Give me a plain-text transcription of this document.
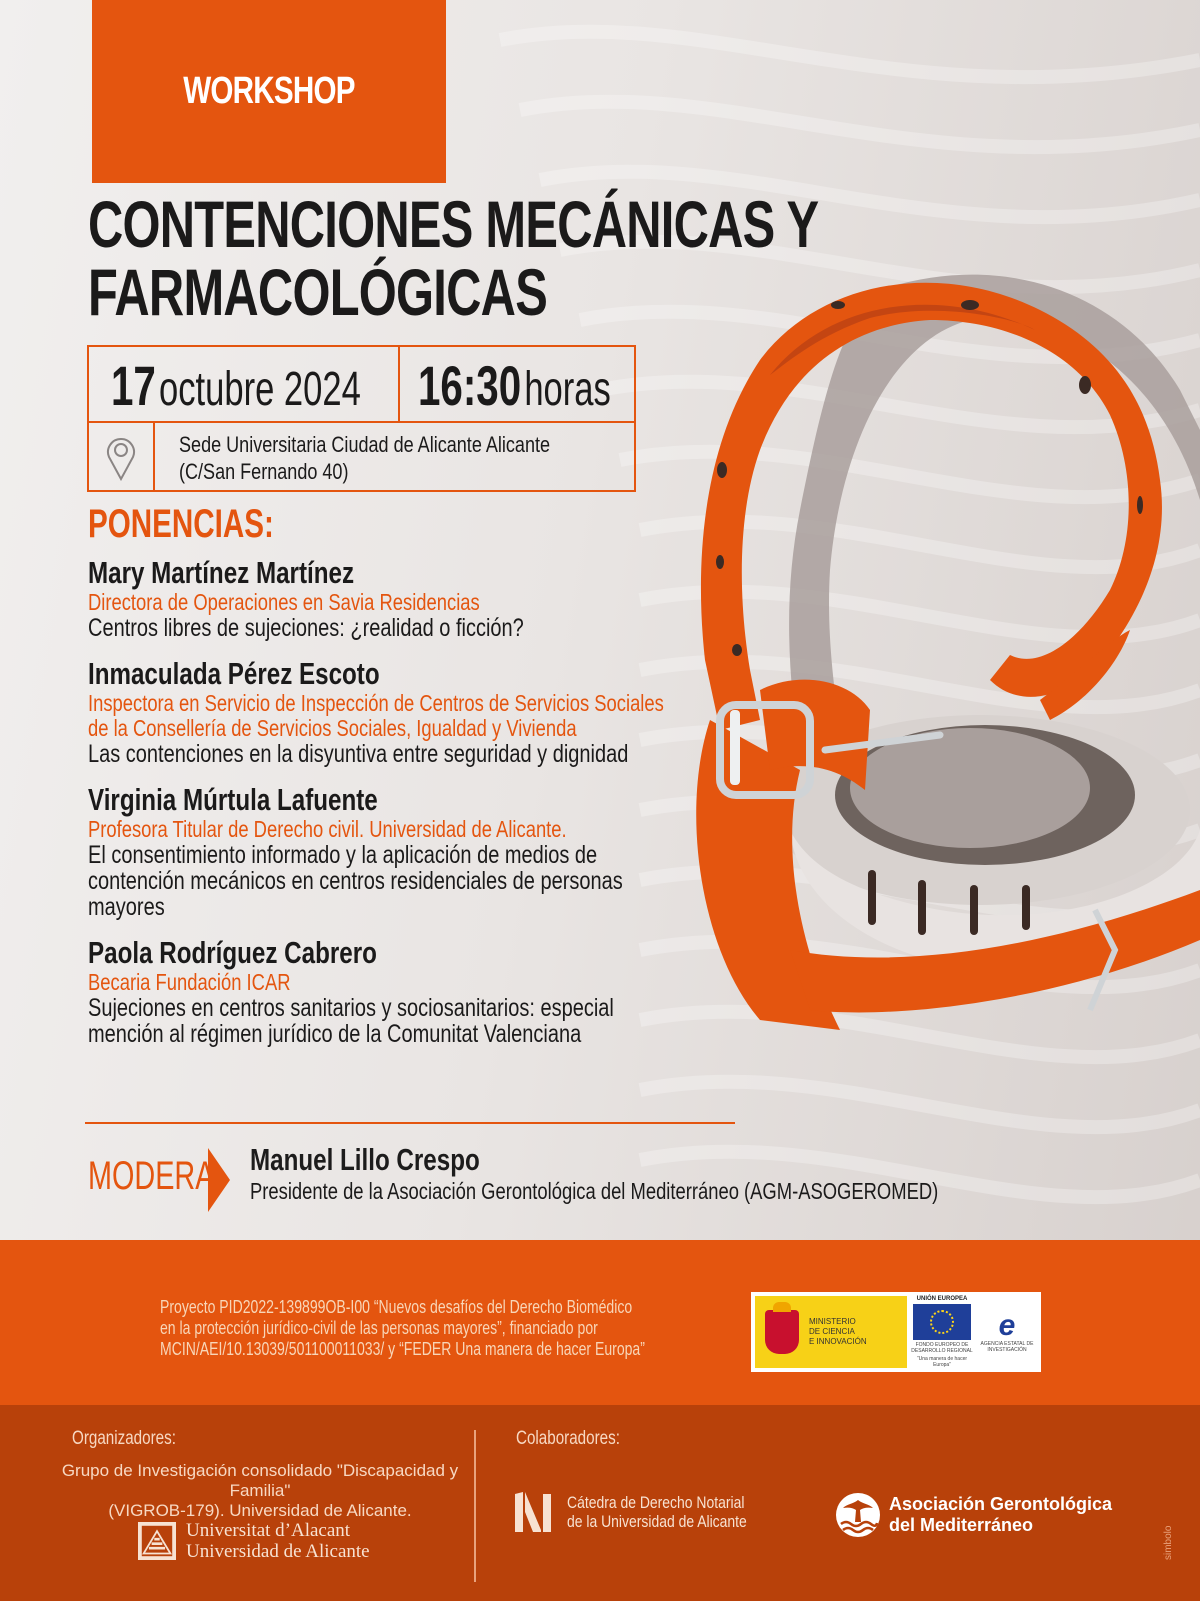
WORKSHOP
CONTENCIONES MECÁNICAS Y
FARMACOLÓGICAS
17 octubre 2024 16:30 horas
Sede Universitaria Ciudad de Alicante Alicante
(C/San Fernando 40)
PONENCIAS:
Mary Martínez Martínez
Directora de Operaciones en Savia Residencias
Centros libres de sujeciones: ¿realidad o ficción?
Inmaculada Pérez Escoto
Inspectora en Servicio de Inspección de Centros de Servicios Sociales
de la Consellería de Servicios Sociales, Igualdad y Vivienda
Las contenciones en la disyuntiva entre seguridad y dignidad
Virginia Múrtula Lafuente
Profesora Titular de Derecho civil. Universidad de Alicante.
El consentimiento informado y la aplicación de medios de
contención mecánicos en centros residenciales de personas
mayores
Paola Rodríguez Cabrero
Becaria Fundación ICAR
Sujeciones en centros sanitarios y sociosanitarios: especial
mención al régimen jurídico de la Comunitat Valenciana
MODERA Manuel Lillo Crespo
Presidente de la Asociación Gerontológica del Mediterráneo (AGM-ASOGEROMED)
Proyecto PID2022-139899OB-I00 “Nuevos desafíos del Derecho Biomédico
en la protección jurídico-civil de las personas mayores”, financiado por
MCIN/AEI/10.13039/501100011033/ y “FEDER Una manera de hacer Europa”
MINISTERIO
DE CIENCIA
E INNOVACIÓN
UNIÓN EUROPEA
FONDO EUROPEO DE DESARROLLO REGIONAL
“Una manera de hacer Europa”
e
AGENCIA ESTATAL DE INVESTIGACIÓN
Organizadores:
Grupo de Investigación consolidado "Discapacidad y Familia"
(VIGROB-179). Universidad de Alicante.
Universitat d’Alacant
Universidad de Alicante
Colaboradores:
Cátedra de Derecho Notarial
de la Universidad de Alicante
Asociación Gerontológica
del Mediterráneo
simbolo
